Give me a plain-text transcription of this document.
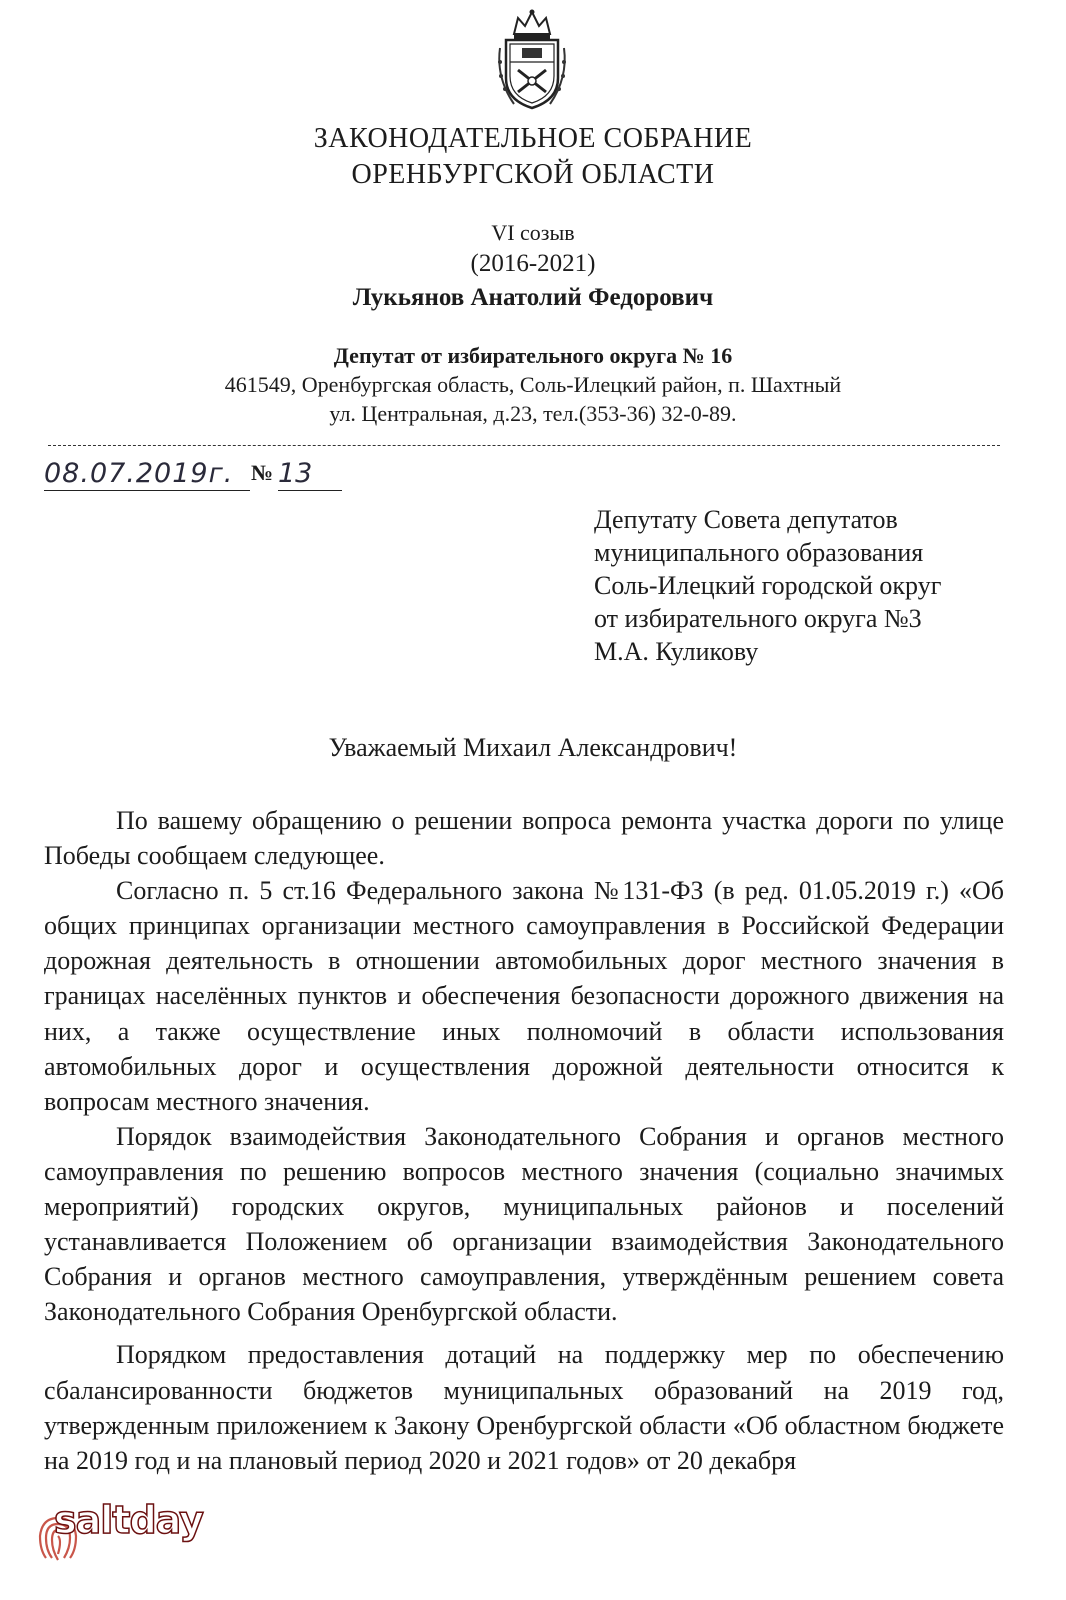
ЗАКОНОДАТЕЛЬНОЕ СОБРАНИЕ
ОРЕНБУРГСКОЙ ОБЛАСТИ
VI созыв
(2016-2021)
Лукьянов Анатолий Федорович
Депутат от избирательного округа № 16
461549, Оренбургская область, Соль-Илецкий район, п. Шахтный
ул. Центральная, д.23, тел.(353-36) 32-0-89.
08.07.2019г. № 13
Депутату Совета депутатов
муниципального образования
Соль-Илецкий городской округ
от избирательного округа №3
М.А. Куликову
Уважаемый Михаил Александрович!

По вашему обращению о решении вопроса ремонта участка дороги по улице Победы сообщаем следующее.

Согласно п. 5 ст.16 Федерального закона №131-ФЗ (в ред. 01.05.2019 г.) «Об общих принципах организации местного самоуправления в Российской Федерации дорожная деятельность в отношении автомобильных дорог местного значения в границах населённых пунктов и обеспечения безопасности дорожного движения на них, а также осуществление иных полномочий в области использования автомобильных дорог и осуществления дорожной деятельности относится к вопросам местного значения.

Порядок взаимодействия Законодательного Собрания и органов местного самоуправления по решению вопросов местного значения (социально значимых мероприятий) городских округов, муниципальных районов и поселений устанавливается Положением об организации взаимодействия Законодательного Собрания и органов местного самоуправления, утверждённым решением совета Законодательного Собрания Оренбургской области.

Порядком предоставления дотаций на поддержку мер по обеспечению сбалансированности бюджетов муниципальных образований на 2019 год, утвержденным приложением к Закону Оренбургской области «Об областном бюджете на 2019 год и на плановый период 2020 и 2021 годов» от 20 декабря

saltday
